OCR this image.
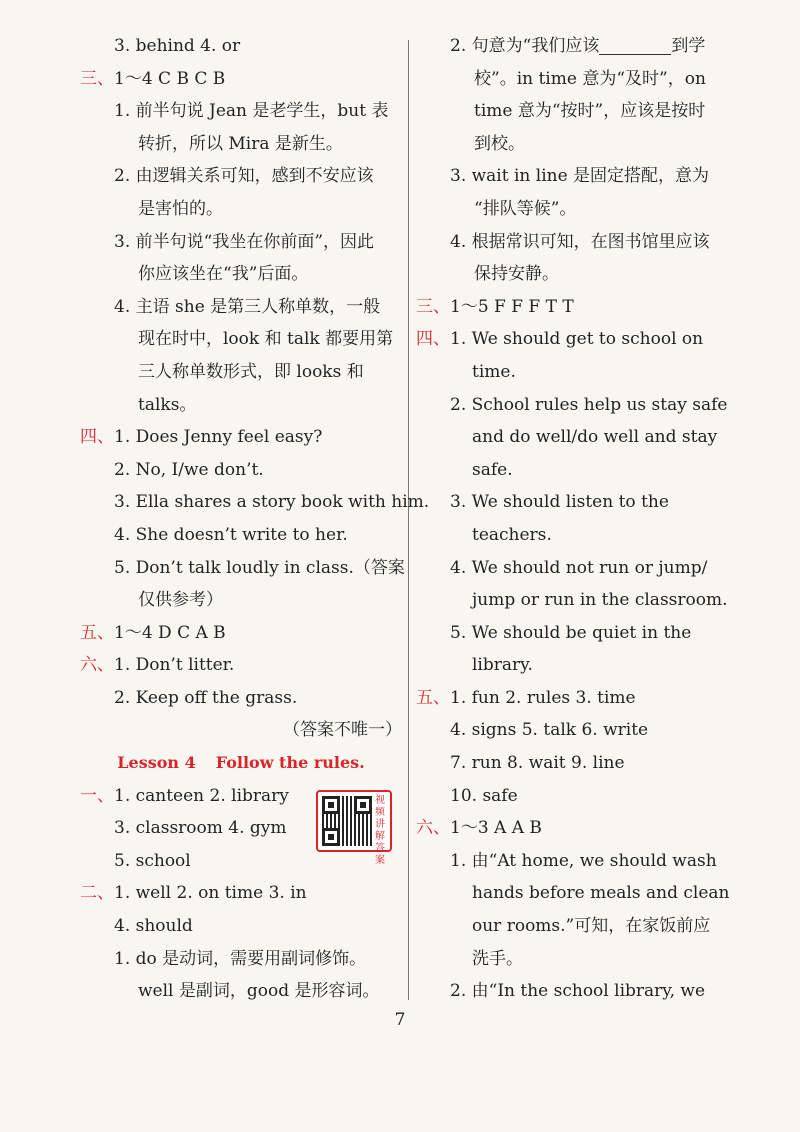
3. behind 4. or
三、1～4 C B C B
1. 前半句说 Jean 是老学生，but 表
转折，所以 Mira 是新生。
2. 由逻辑关系可知，感到不安应该
是害怕的。
3. 前半句说“我坐在你前面”，因此
你应该坐在“我”后面。
4. 主语 she 是第三人称单数，一般
现在时中，look 和 talk 都要用第
三人称单数形式，即 looks 和
talks。
四、1. Does Jenny feel easy?
2. No, I/we don’t.
3. Ella shares a story book with him.
4. She doesn’t write to her.
5. Don’t talk loudly in class.（答案
仅供参考）
五、1～4 D C A B
六、1. Don’t litter.
2. Keep off the grass.
（答案不唯一）
Lesson 4 Follow the rules.
一、1. canteen 2. library
3. classroom 4. gym
5. school
二、1. well 2. on time 3. in
4. should
1. do 是动词，需要用副词修饰。
well 是副词，good 是形容词。
视频讲解答案
2. 句意为“我们应该	到学
校”。in time 意为“及时”，on
time 意为“按时”，应该是按时
到校。
3. wait in line 是固定搭配，意为
“排队等候”。
4. 根据常识可知，在图书馆里应该
保持安静。
三、1～5 F F F T T
四、1. We should get to school on
time.
2. School rules help us stay safe
and do well/do well and stay
safe.
3. We should listen to the
teachers.
4. We should not run or jump/
jump or run in the classroom.
5. We should be quiet in the
library.
五、1. fun 2. rules 3. time
4. signs 5. talk 6. write
7. run 8. wait 9. line
10. safe
六、1～3 A A B
1. 由“At home, we should wash
hands before meals and clean
our rooms.”可知，在家饭前应
洗手。
2. 由“In the school library, we
7
